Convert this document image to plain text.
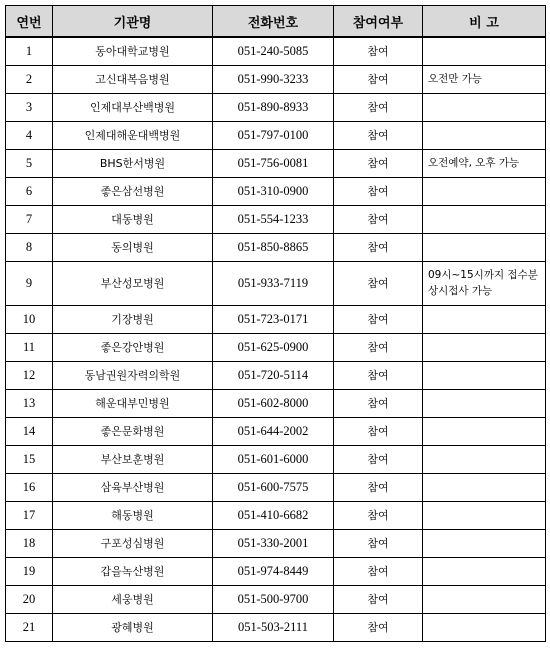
연번	기관명	전화번호	참여여부	비 고
1	동아대학교병원	051-240-5085	참여	
2	고신대복음병원	051-990-3233	참여	오전만 가능
3	인제대부산백병원	051-890-8933	참여	
4	인제대해운대백병원	051-797-0100	참여	
5	BHS한서병원	051-756-0081	참여	오전예약, 오후 가능
6	좋은삼선병원	051-310-0900	참여	
7	대동병원	051-554-1233	참여	
8	동의병원	051-850-8865	참여	
9	부산성모병원	051-933-7119	참여	09시~15시까지 접수분 상시접사 가능
10	기장병원	051-723-0171	참여	
11	좋은강안병원	051-625-0900	참여	
12	동남권원자력의학원	051-720-5114	참여	
13	해운대부민병원	051-602-8000	참여	
14	좋은문화병원	051-644-2002	참여	
15	부산보훈병원	051-601-6000	참여	
16	삼육부산병원	051-600-7575	참여	
17	해동병원	051-410-6682	참여	
18	구포성심병원	051-330-2001	참여	
19	갑을녹산병원	051-974-8449	참여	
20	세웅병원	051-500-9700	참여	
21	광혜병원	051-503-2111	참여	
